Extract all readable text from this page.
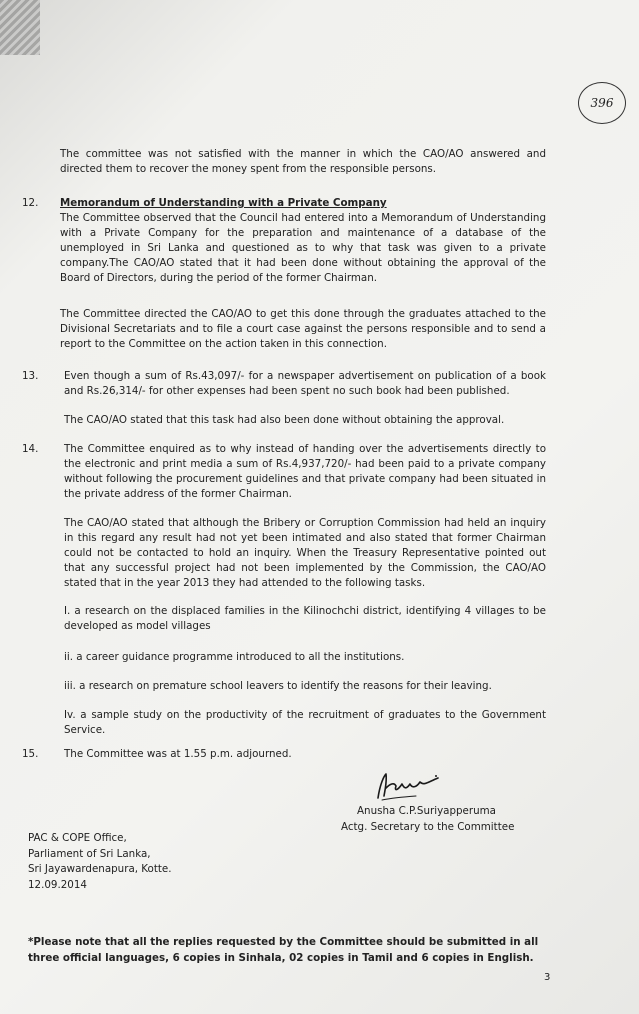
396

The committee was not satisfied with the manner in which the CAO/AO answered and directed them to recover the money spent from the responsible persons.

12. Memorandum of Understanding with a Private Company

The Committee observed that the Council had entered into a Memorandum of Understanding with a Private Company for the preparation and maintenance of a database of the unemployed in Sri Lanka and questioned as to why that task was given to a private company.The CAO/AO stated that it had been done without obtaining the approval of the Board of Directors, during the period of the former Chairman.

The Committee directed the CAO/AO to get this done through the graduates attached to the Divisional Secretariats and to file a court case against the persons responsible and to send a report to the Committee on the action taken in this connection.

13. Even though a sum of Rs.43,097/- for a newspaper advertisement on publication of a book and Rs.26,314/- for other expenses had been spent no such book had been published.

The CAO/AO stated that this task had also been done without obtaining the approval.

14. The Committee enquired as to why instead of handing over the advertisements directly to the electronic and print media a sum of Rs.4,937,720/- had been paid to a private company without following the procurement guidelines and that private company had been situated in the private address of the former Chairman.

The CAO/AO stated that although the Bribery or Corruption Commission had held an inquiry in this regard any result had not yet been intimated and also stated that former Chairman could not be contacted to hold an inquiry. When the Treasury Representative pointed out that any successful project had not been implemented by the Commission, the CAO/AO stated that in the year 2013 they had attended to the following tasks.

I. a research on the displaced families in the Kilinochchi district, identifying 4 villages to be developed as model villages

ii. a career guidance programme introduced to all the institutions.

iii. a research on premature school leavers to identify the reasons for their leaving.

Iv. a sample study on the productivity of the recruitment of graduates to the Government Service.

15. The Committee was at 1.55 p.m. adjourned.

Anusha C.P.Suriyapperuma
Actg. Secretary to the Committee
PAC & COPE Office,
Parliament of Sri Lanka,
Sri Jayawardenapura, Kotte.
12.09.2014

*Please note that all the replies requested by the Committee should be submitted in all three official languages, 6 copies in Sinhala, 02 copies in Tamil and 6 copies in English.

3
